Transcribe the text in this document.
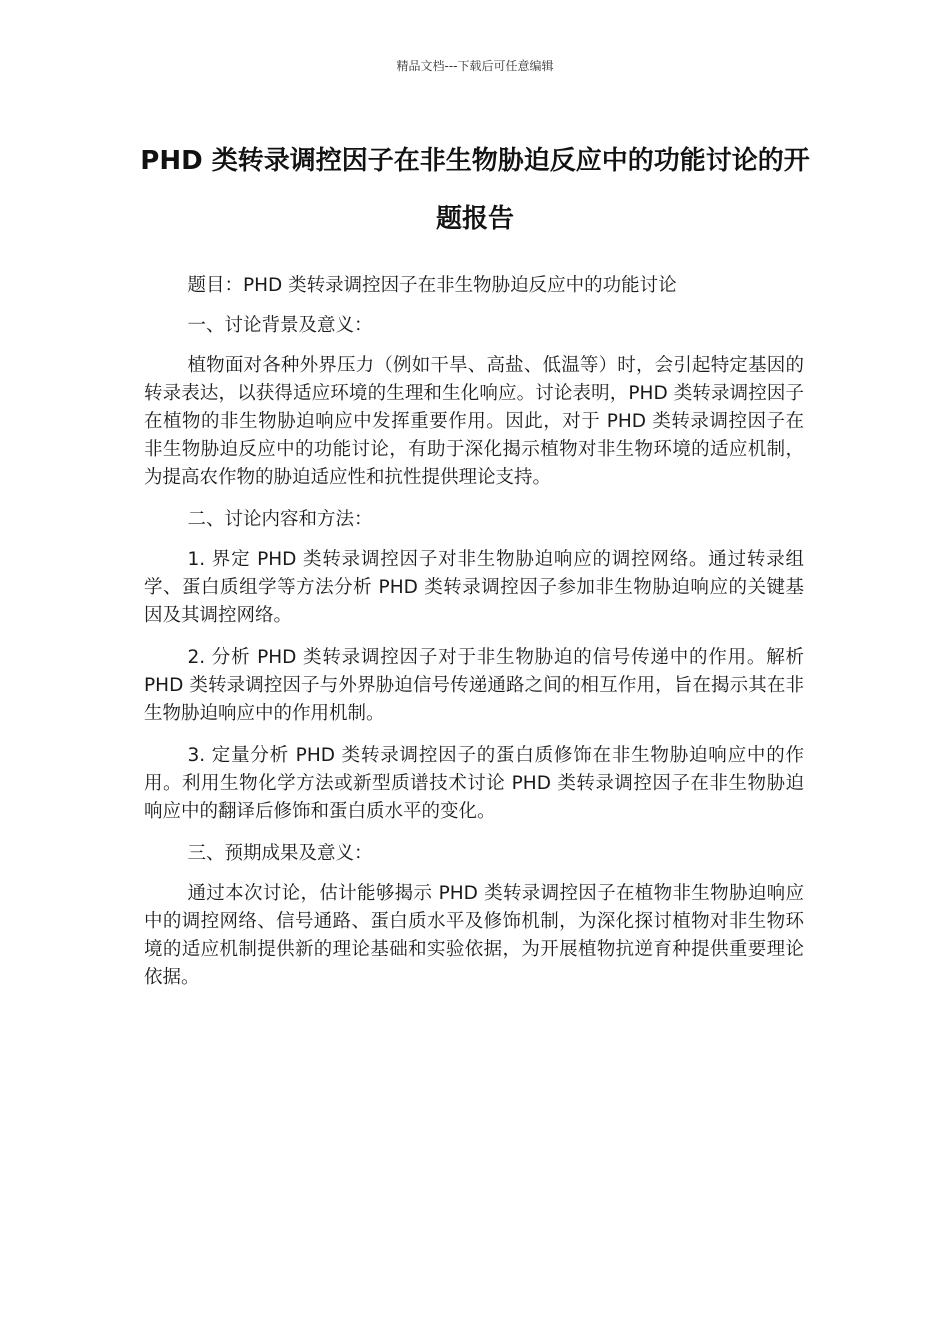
精品文档---下载后可任意编辑
PHD 类转录调控因子在非生物胁迫反应中的功能讨论的开题报告

题目：PHD 类转录调控因子在非生物胁迫反应中的功能讨论

一、讨论背景及意义：

植物面对各种外界压力（例如干旱、高盐、低温等）时，会引起特定基因的转录表达，以获得适应环境的生理和生化响应。讨论表明，PHD 类转录调控因子在植物的非生物胁迫响应中发挥重要作用。因此，对于 PHD 类转录调控因子在非生物胁迫反应中的功能讨论，有助于深化揭示植物对非生物环境的适应机制，为提高农作物的胁迫适应性和抗性提供理论支持。

二、讨论内容和方法：

1. 界定 PHD 类转录调控因子对非生物胁迫响应的调控网络。通过转录组学、蛋白质组学等方法分析 PHD 类转录调控因子参加非生物胁迫响应的关键基因及其调控网络。

2. 分析 PHD 类转录调控因子对于非生物胁迫的信号传递中的作用。解析 PHD 类转录调控因子与外界胁迫信号传递通路之间的相互作用，旨在揭示其在非生物胁迫响应中的作用机制。

3. 定量分析 PHD 类转录调控因子的蛋白质修饰在非生物胁迫响应中的作用。利用生物化学方法或新型质谱技术讨论 PHD 类转录调控因子在非生物胁迫响应中的翻译后修饰和蛋白质水平的变化。

三、预期成果及意义：

通过本次讨论，估计能够揭示 PHD 类转录调控因子在植物非生物胁迫响应中的调控网络、信号通路、蛋白质水平及修饰机制，为深化探讨植物对非生物环境的适应机制提供新的理论基础和实验依据，为开展植物抗逆育种提供重要理论依据。
